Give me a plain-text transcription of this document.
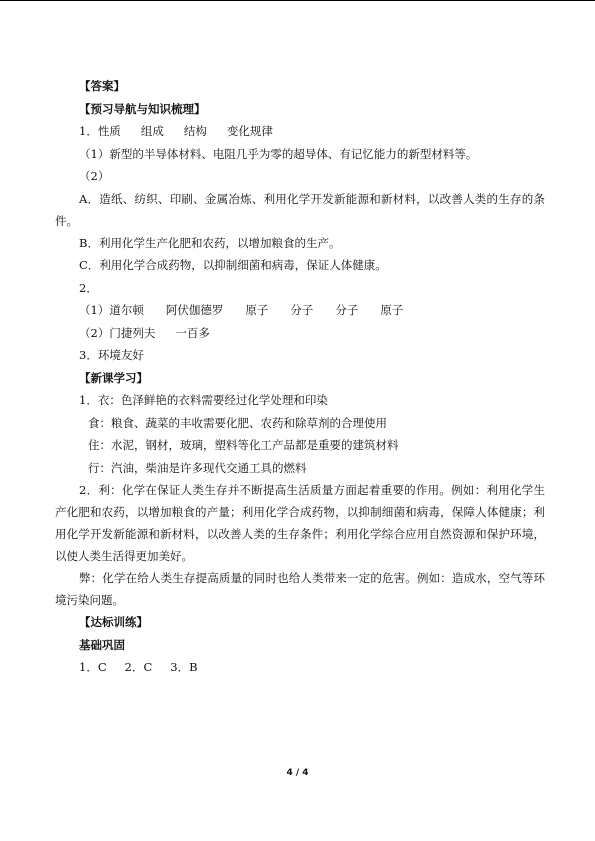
【答案】

【预习导航与知识梳理】

1．性质 组成 结构 变化规律

（1）新型的半导体材料、电阻几乎为零的超导体、有记忆能力的新型材料等。

（2）

A．造纸、纺织、印刷、金属冶炼、利用化学开发新能源和新材料，以改善人类的生存的条件。

B．利用化学生产化肥和农药，以增加粮食的生产。

C．利用化学合成药物，以抑制细菌和病毒，保证人体健康。

2．

（1）道尔顿 阿伏伽德罗 原子 分子 分子 原子

（2）门捷列夫 一百多

3．环境友好

【新课学习】

1．衣：色泽鲜艳的衣料需要经过化学处理和印染

食：粮食、蔬菜的丰收需要化肥、农药和除草剂的合理使用

住：水泥，钢材，玻璃，塑料等化工产品都是重要的建筑材料

行：汽油，柴油是许多现代交通工具的燃料

2．利：化学在保证人类生存并不断提高生活质量方面起着重要的作用。例如：利用化学生产化肥和农药，以增加粮食的产量；利用化学合成药物，以抑制细菌和病毒，保障人体健康；利用化学开发新能源和新材料，以改善人类的生存条件；利用化学综合应用自然资源和保护环境，以使人类生活得更加美好。

弊：化学在给人类生存提高质量的同时也给人类带来一定的危害。例如：造成水，空气等环境污染问题。

【达标训练】

基础巩固

1．C 2．C 3．B

4 / 4
